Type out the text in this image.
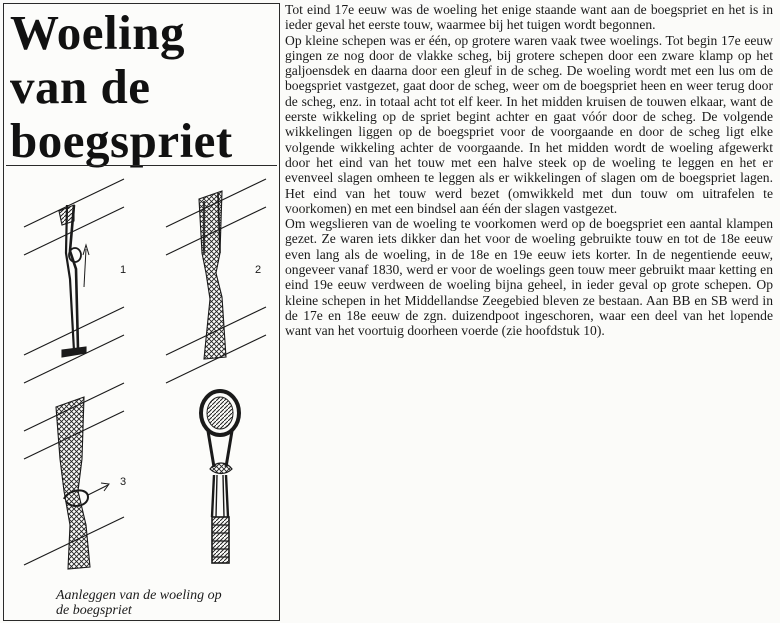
Woeling
van de
boegspriet
1	2
3
Aanleggen van de woeling op
de boegspriet

Tot eind 17e eeuw was de woeling het enige staande want aan de boegspriet en het is in ieder geval het eerste touw, waarmee bij het tuigen wordt begonnen.

Op kleine schepen was er één, op grotere waren vaak twee woelings. Tot begin 17e eeuw gingen ze nog door de vlakke scheg, bij grotere schepen door een zware klamp op het galjoensdek en daarna door een gleuf in de scheg. De woeling wordt met een lus om de boegspriet vastgezet, gaat door de scheg, weer om de boegspriet heen en weer terug door de scheg, enz. in totaal acht tot elf keer. In het midden kruisen de touwen elkaar, want de eerste wikkeling op de spriet begint achter en gaat vóór door de scheg. De volgende wikkelingen liggen op de boegspriet voor de voorgaande en door de scheg ligt elke volgende wikkeling achter de voorgaande. In het midden wordt de woeling afgewerkt door het eind van het touw met een halve steek op de woeling te leggen en het er evenveel slagen omheen te leggen als er wikkelingen of slagen om de boegspriet lagen. Het eind van het touw werd bezet (omwikkeld met dun touw om uitrafelen te voorkomen) en met een bindsel aan één der slagen vastgezet.

Om wegslieren van de woeling te voorkomen werd op de boegspriet een aantal klampen gezet. Ze waren iets dikker dan het voor de woeling gebruikte touw en tot de 18e eeuw even lang als de woeling, in de 18e en 19e eeuw iets korter. In de negentiende eeuw, ongeveer vanaf 1830, werd er voor de woelings geen touw meer gebruikt maar ketting en eind 19e eeuw verdween de woeling bijna geheel, in ieder geval op grote schepen. Op kleine schepen in het Middellandse Zeegebied bleven ze bestaan. Aan BB en SB werd in de 17e en 18e eeuw de zgn. duizendpoot ingeschoren, waar een deel van het lopende want van het voortuig doorheen voerde (zie hoofdstuk 10).
